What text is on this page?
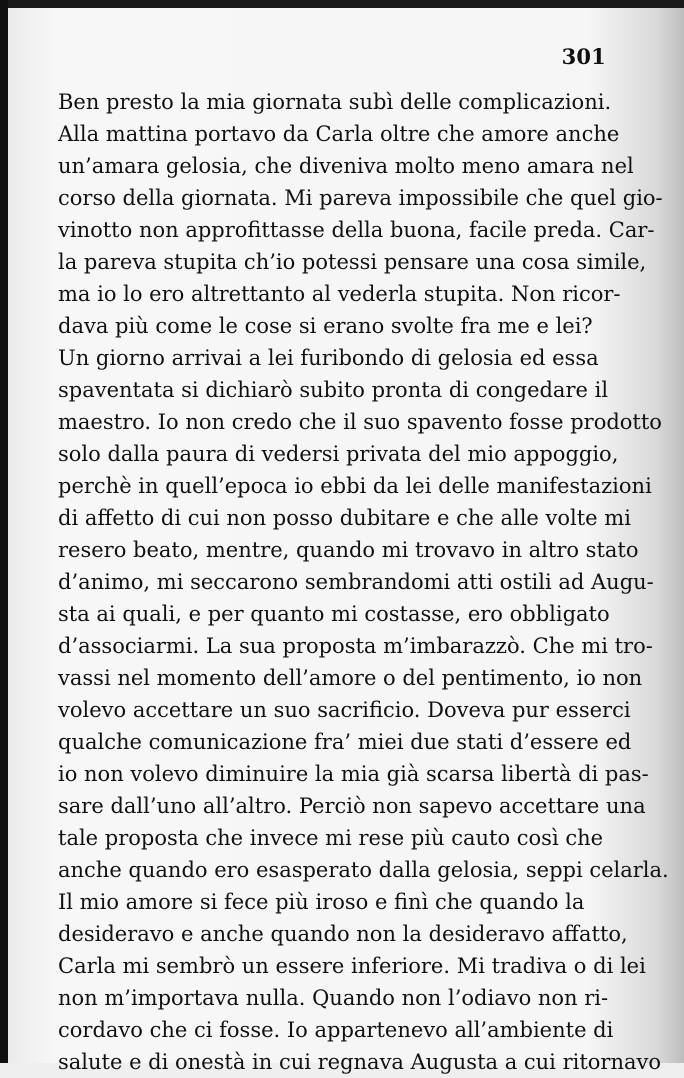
301
Ben presto la mia giornata subì delle complicazioni.
Alla mattina portavo da Carla oltre che amore anche
un’amara gelosia, che diveniva molto meno amara nel
corso della giornata. Mi pareva impossibile che quel gio-
vinotto non approfittasse della buona, facile preda. Car-
la pareva stupita ch’io potessi pensare una cosa simile,
ma io lo ero altrettanto al vederla stupita. Non ricor-
dava più come le cose si erano svolte fra me e lei?
Un giorno arrivai a lei furibondo di gelosia ed essa
spaventata si dichiarò subito pronta di congedare il
maestro. Io non credo che il suo spavento fosse prodotto
solo dalla paura di vedersi privata del mio appoggio,
perchè in quell’epoca io ebbi da lei delle manifestazioni
di affetto di cui non posso dubitare e che alle volte mi
resero beato, mentre, quando mi trovavo in altro stato
d’animo, mi seccarono sembrandomi atti ostili ad Augu-
sta ai quali, e per quanto mi costasse, ero obbligato
d’associarmi. La sua proposta m’imbarazzò. Che mi tro-
vassi nel momento dell’amore o del pentimento, io non
volevo accettare un suo sacrificio. Doveva pur esserci
qualche comunicazione fra’ miei due stati d’essere ed
io non volevo diminuire la mia già scarsa libertà di pas-
sare dall’uno all’altro. Perciò non sapevo accettare una
tale proposta che invece mi rese più cauto così che
anche quando ero esasperato dalla gelosia, seppi celarla.
Il mio amore si fece più iroso e finì che quando la
desideravo e anche quando non la desideravo affatto,
Carla mi sembrò un essere inferiore. Mi tradiva o di lei
non m’importava nulla. Quando non l’odiavo non ri-
cordavo che ci fosse. Io appartenevo all’ambiente di
salute e di onestà in cui regnava Augusta a cui ritornavo
